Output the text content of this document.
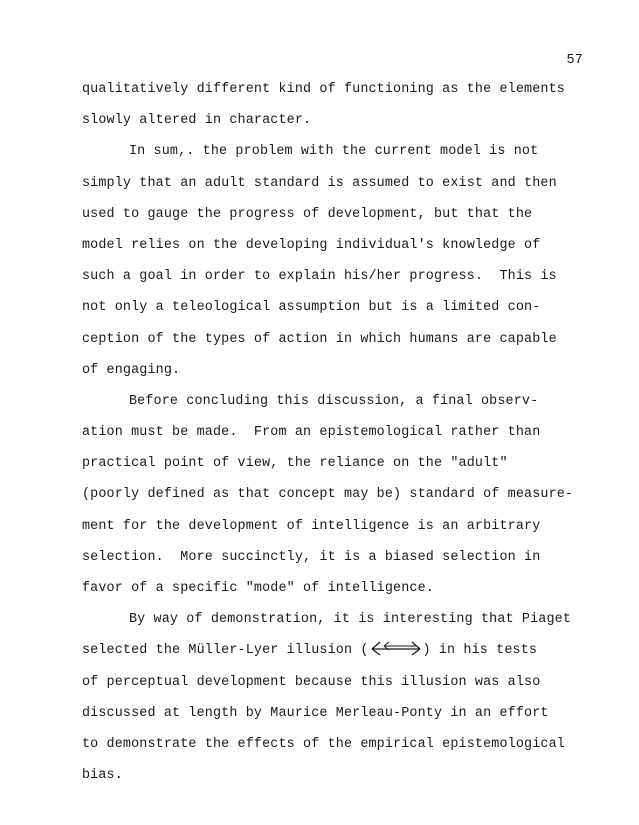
57
qualitatively different kind of functioning as the elements
slowly altered in character.
In sum,. the problem with the current model is not
simply that an adult standard is assumed to exist and then
used to gauge the progress of development, but that the
model relies on the developing individual's knowledge of
such a goal in order to explain his/her progress.  This is
not only a teleological assumption but is a limited con-
ception of the types of action in which humans are capable
of engaging.
Before concluding this discussion, a final observ-
ation must be made.  From an epistemological rather than
practical point of view, the reliance on the "adult"
(poorly defined as that concept may be) standard of measure-
ment for the development of intelligence is an arbitrary
selection.  More succinctly, it is a biased selection in
favor of a specific "mode" of intelligence.
By way of demonstration, it is interesting that Piaget
selected the Müller-Lyer illusion (	) in his tests
of perceptual development because this illusion was also
discussed at length by Maurice Merleau-Ponty in an effort
to demonstrate the effects of the empirical epistemological
bias.
